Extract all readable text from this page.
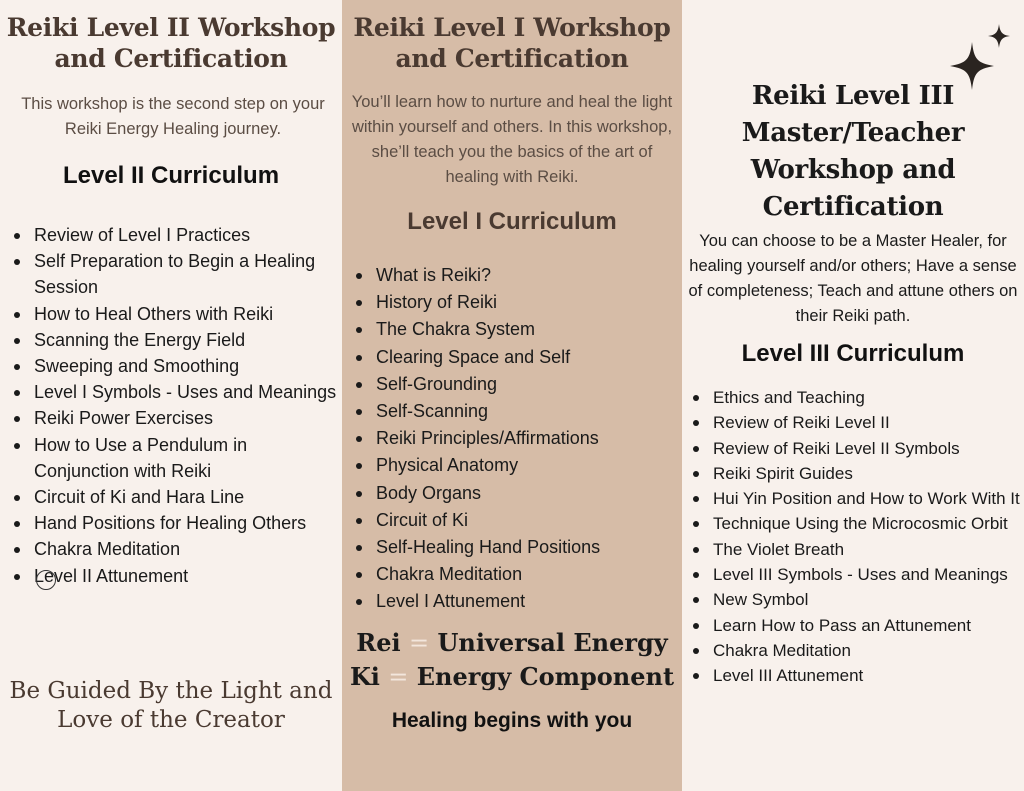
Reiki Level II Workshop and Certification

This workshop is the second step on your Reiki Energy Healing journey.

Level II Curriculum
Review of Level I Practices
Self Preparation to Begin a Healing Session
How to Heal Others with Reiki
Scanning the Energy Field
Sweeping and Smoothing
Level I Symbols - Uses and Meanings
Reiki Power Exercises
How to Use a Pendulum in Conjunction with Reiki
Circuit of Ki and Hara Line
Hand Positions for Healing Others
Chakra Meditation
Level II Attunement

Be Guided By the Light and Love of the Creator

Reiki Level I Workshop and Certification

You’ll learn how to nurture and heal the light within yourself and others. In this workshop, she’ll teach you the basics of the art of healing with Reiki.

Level I Curriculum
What is Reiki?
History of Reiki
The Chakra System
Clearing Space and Self
Self-Grounding
Self-Scanning
Reiki Principles/Affirmations
Physical Anatomy
Body Organs
Circuit of Ki
Self-Healing Hand Positions
Chakra Meditation
Level I Attunement

Rei = Universal Energy

Ki = Energy Component

Healing begins with you

Reiki Level III Master/Teacher Workshop and Certification

You can choose to be a Master Healer, for healing yourself and/or others; Have a sense of completeness; Teach and attune others on their Reiki path.

Level III Curriculum
Ethics and Teaching
Review of Reiki Level II
Review of Reiki Level II Symbols
Reiki Spirit Guides
Hui Yin Position and How to Work With It
Technique Using the Microcosmic Orbit
The Violet Breath
Level III Symbols - Uses and Meanings
New Symbol
Learn How to Pass an Attunement
Chakra Meditation
Level III Attunement
